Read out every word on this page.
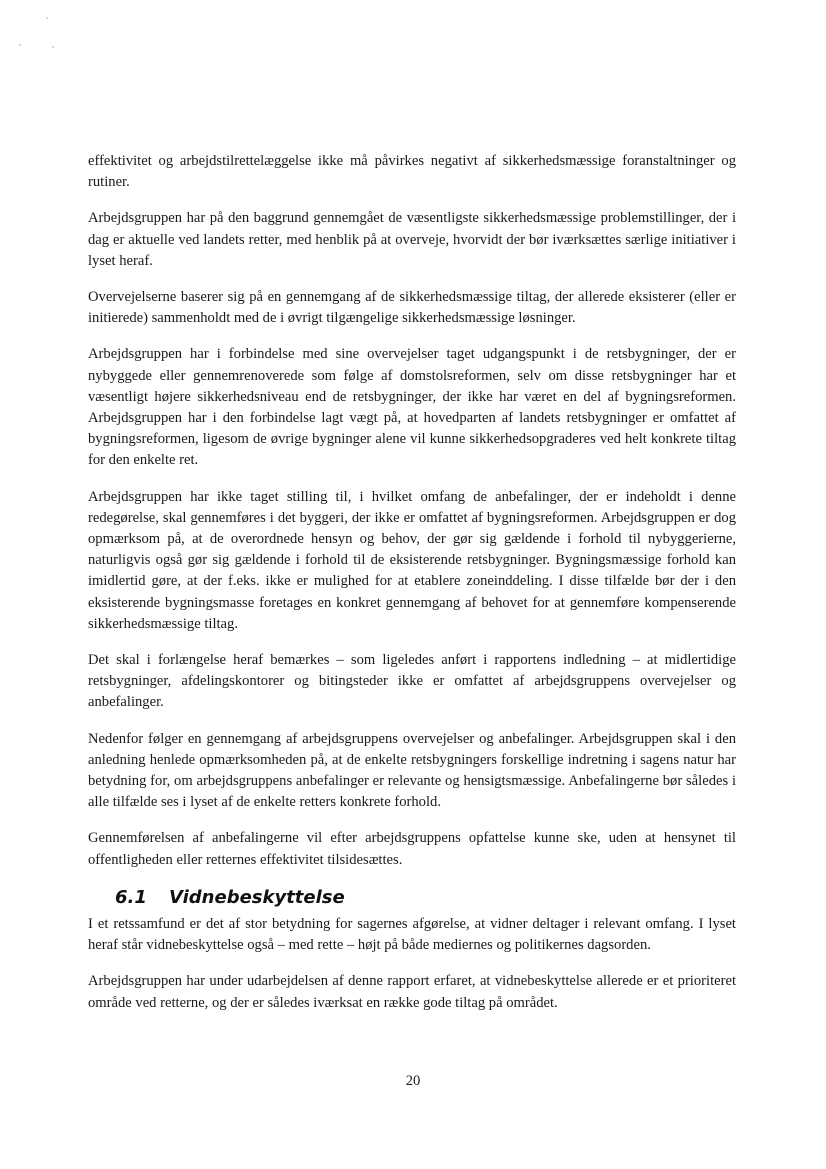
effektivitet og arbejdstilrettelæggelse ikke må påvirkes negativt af sikkerhedsmæssige foranstaltninger og rutiner.

Arbejdsgruppen har på den baggrund gennemgået de væsentligste sikkerhedsmæssige problemstillinger, der i dag er aktuelle ved landets retter, med henblik på at overveje, hvorvidt der bør iværksættes særlige initiativer i lyset heraf.

Overvejelserne baserer sig på en gennemgang af de sikkerhedsmæssige tiltag, der allerede eksisterer (eller er initierede) sammenholdt med de i øvrigt tilgængelige sikkerhedsmæssige løsninger.

Arbejdsgruppen har i forbindelse med sine overvejelser taget udgangspunkt i de retsbygninger, der er nybyggede eller gennemrenoverede som følge af domstolsreformen, selv om disse retsbygninger har et væsentligt højere sikkerhedsniveau end de retsbygninger, der ikke har været en del af bygningsreformen. Arbejdsgruppen har i den forbindelse lagt vægt på, at hovedparten af landets retsbygninger er omfattet af bygningsreformen, ligesom de øvrige bygninger alene vil kunne sikkerhedsopgraderes ved helt konkrete tiltag for den enkelte ret.

Arbejdsgruppen har ikke taget stilling til, i hvilket omfang de anbefalinger, der er indeholdt i denne redegørelse, skal gennemføres i det byggeri, der ikke er omfattet af bygningsreformen. Arbejdsgruppen er dog opmærksom på, at de overordnede hensyn og behov, der gør sig gældende i forhold til nybyggerierne, naturligvis også gør sig gældende i forhold til de eksisterende retsbygninger. Bygningsmæssige forhold kan imidlertid gøre, at der f.eks. ikke er mulighed for at etablere zoneinddeling. I disse tilfælde bør der i den eksisterende bygningsmasse foretages en konkret gennemgang af behovet for at gennemføre kompenserende sikkerhedsmæssige tiltag.

Det skal i forlængelse heraf bemærkes – som ligeledes anført i rapportens indledning – at midlertidige retsbygninger, afdelingskontorer og bitingsteder ikke er omfattet af arbejdsgruppens overvejelser og anbefalinger.

Nedenfor følger en gennemgang af arbejdsgruppens overvejelser og anbefalinger. Arbejdsgruppen skal i den anledning henlede opmærksomheden på, at de enkelte retsbygningers forskellige indretning i sagens natur har betydning for, om arbejdsgruppens anbefalinger er relevante og hensigtsmæssige. Anbefalingerne bør således i alle tilfælde ses i lyset af de enkelte retters konkrete forhold.

Gennemførelsen af anbefalingerne vil efter arbejdsgruppens opfattelse kunne ske, uden at hensynet til offentligheden eller retternes effektivitet tilsidesættes.

6.1 Vidnebeskyttelse

I et retssamfund er det af stor betydning for sagernes afgørelse, at vidner deltager i relevant omfang. I lyset heraf står vidnebeskyttelse også – med rette – højt på både mediernes og politikernes dagsorden.

Arbejdsgruppen har under udarbejdelsen af denne rapport erfaret, at vidnebeskyttelse allerede er et prioriteret område ved retterne, og der er således iværksat en række gode tiltag på området.

20
